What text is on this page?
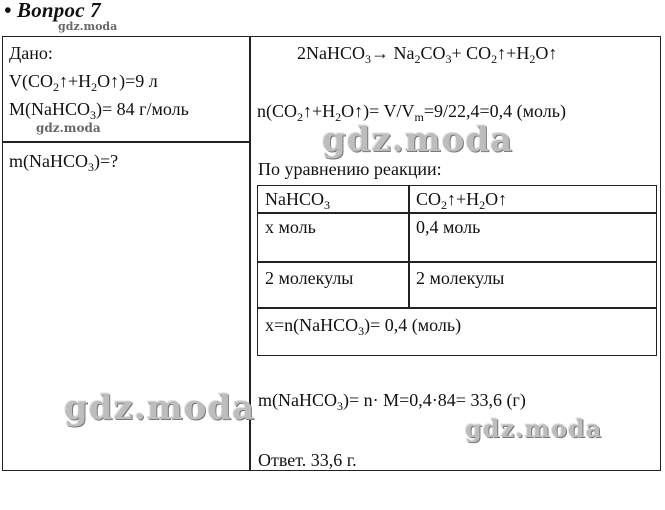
• Вопрос 7
gdz.moda
Дано:
$V(CO_2↑+H_2O↑)=9$ л
M(NaHCO$_3$)= 84 г/моль
gdz.moda
m(NaHCO$_3$)=?
2NaHCO$_3$→ $Na_2CO_3+$ $CO_2↑+H_2O↑$
$n(CO_2↑+H_2O↑)= V/V_m=9/22,4=0,4$ (моль)
gdz.moda
По уравнению реакции:
NaHCO$_3$	$CO_2↑+H_2O↑$
x моль	0,4 моль
2 молекулы	2 молекулы
x=n(NaHCO$_3$)= 0,4 (моль)
gdz.moda m(NaHCO$_3$)= n· M=0,4·84= 33,6 (г)
gdz.moda
Ответ. 33,6 г.
